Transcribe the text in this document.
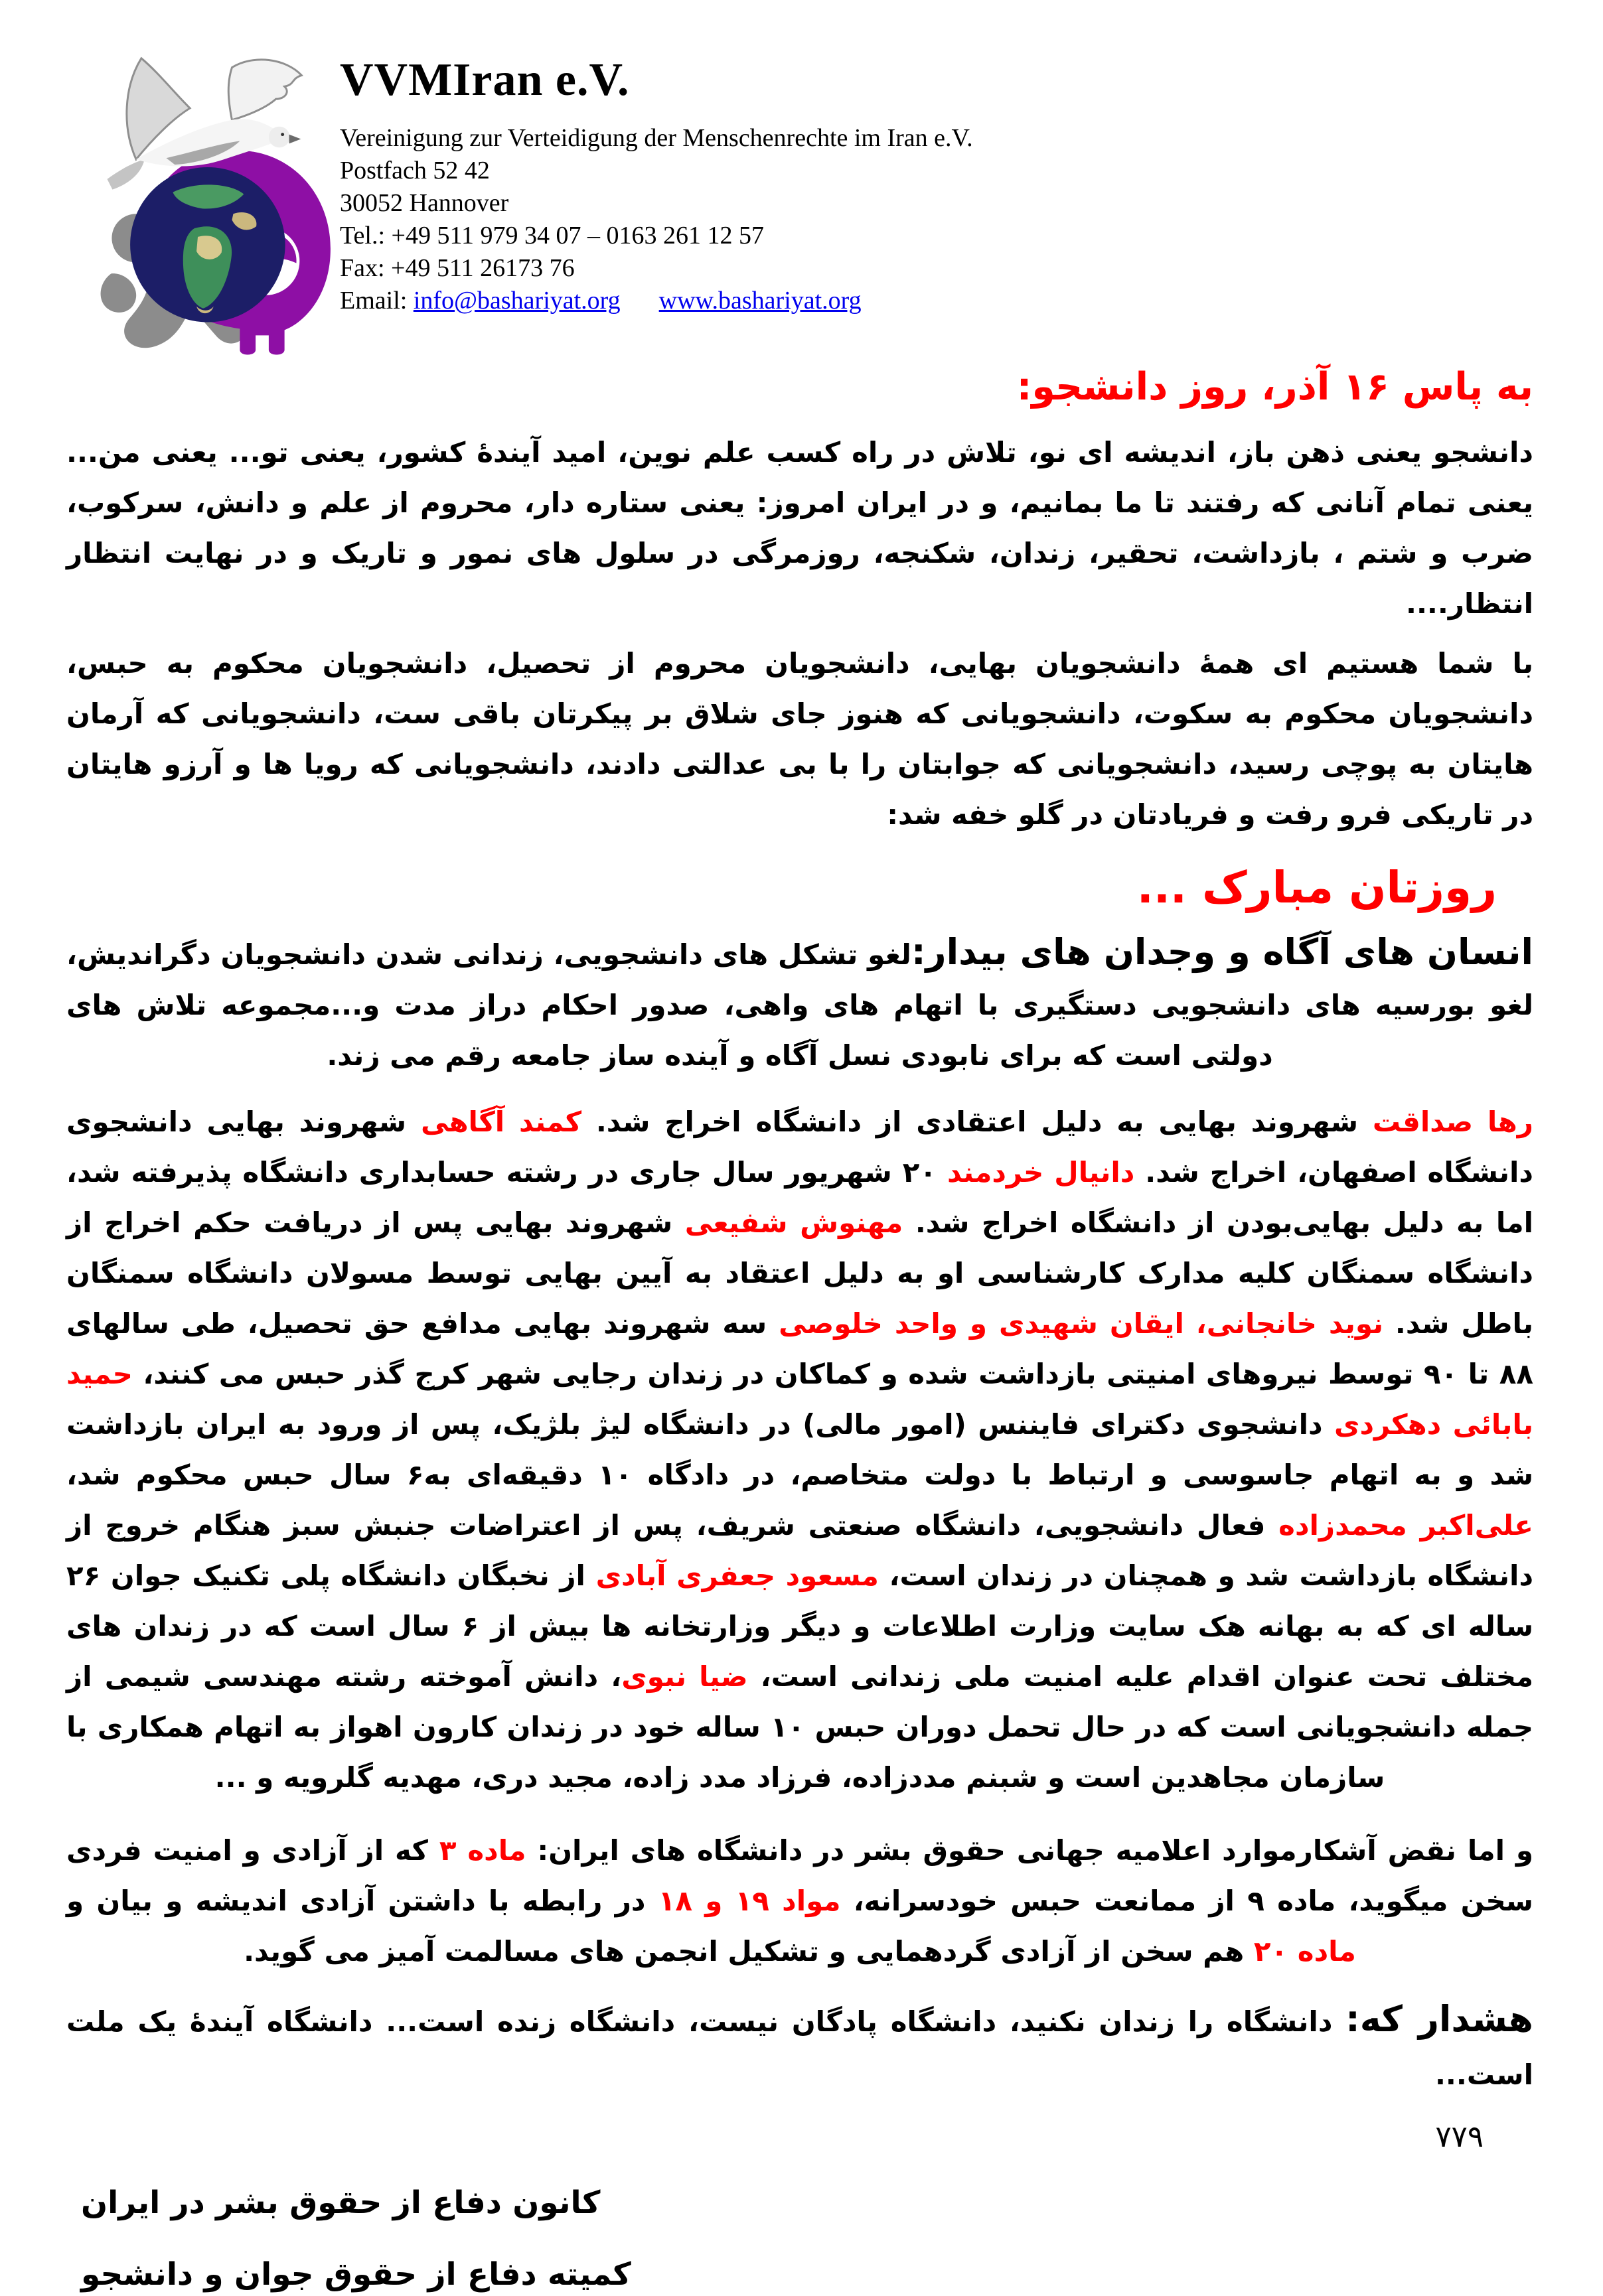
VVMIran e.V.
Vereinigung zur Verteidigung der Menschenrechte im Iran e.V.
Postfach 52 42
30052 Hannover
Tel.: +49 511 979 34 07 – 0163 261 12 57
Fax: +49 511 26173 76
Email: info@bashariyat.org www.bashariyat.org
به پاس ۱۶ آذر، روز دانشجو:
دانشجو یعنی ذهن باز، اندیشه ای نو، تلاش در راه کسب علم نوین، امید آیندهٔ کشور، یعنی تو... یعنی من... یعنی تمام آنانی که رفتند تا ما بمانیم، و در ایران امروز: یعنی ستاره دار، محروم از علم و دانش، سرکوب، ضرب و شتم ، بازداشت، تحقیر، زندان، شکنجه، روزمرگی در سلول های نمور و تاریک و در نهایت انتظار انتظار....
با شما هستیم ای همهٔ دانشجویان بهایی، دانشجویان محروم از تحصیل، دانشجویان محکوم به حبس، دانشجویان محکوم به سکوت، دانشجویانی که هنوز جای شلاق بر پیکرتان باقی ست، دانشجویانی که آرمان هایتان به پوچی رسید، دانشجویانی که جوابتان را با بی عدالتی دادند، دانشجویانی که رویا ها و آرزو هایتان در تاریکی فرو رفت و فریادتان در گلو خفه شد:
روزتان مبارک ...
انسان های آگاه و وجدان های بیدار:لغو تشکل های دانشجویی، زندانی شدن دانشجویان دگراندیش، لغو بورسیه های دانشجویی دستگیری با اتهام های واهی، صدور احکام دراز مدت و...مجموعه تلاش های دولتی است که برای نابودی نسل آگاه و آینده ساز جامعه رقم می زند.
رها صداقت شهروند بهایی به دلیل اعتقادی از دانشگاه اخراج شد. کمند آگاهی شهروند بهایی دانشجوی دانشگاه اصفهان، اخراج شد. دانیال خردمند ۲۰ شهریور سال جاری در رشته حسابداری دانشگاه پذیرفته شد، اما به دلیل بهایی‌بودن از دانشگاه اخراج شد. مهنوش شفیعی شهروند بهایی پس از دریافت حکم اخراج از دانشگاه سمنگان کلیه مدارک کارشناسی او به دلیل اعتقاد به آیین بهایی توسط مسولان دانشگاه سمنگان باطل شد. نوید خانجانی، ایقان شهیدی و واحد خلوصی سه شهروند بهایی مدافع حق تحصیل، طی سالهای ۸۸ تا ۹۰ توسط نیروهای امنیتی بازداشت شده و کماکان در زندان رجایی شهر کرج گذر حبس می کنند، حمید بابائی دهکردی دانشجوی دکترای فایننس (امور مالی) در دانشگاه لیژ بلژیک، پس از ورود به ایران بازداشت شد و به اتهام جاسوسی و ارتباط با دولت متخاصم، در دادگاه ۱۰ دقیقه‌ای به۶ سال حبس محکوم شد، علی‌اکبر محمدزاده فعال دانشجویی، دانشگاه صنعتی شریف، پس از اعتراضات جنبش سبز هنگام خروج از دانشگاه بازداشت شد و همچنان در زندان است، مسعود جعفری آبادی از نخبگان دانشگاه پلی تکنیک جوان ۲۶ ساله ای که به بهانه هک سایت وزارت اطلاعات و دیگر وزارتخانه ها بیش از ۶ سال است که در زندان های مختلف تحت عنوان اقدام علیه امنیت ملی زندانی است، ضیا نبوی، دانش آموخته رشته مهندسی شیمی از جمله دانشجویانی است که در حال تحمل دوران حبس ۱۰ ساله خود در زندان کارون اهواز به اتهام همکاری با سازمان مجاهدین است و شبنم مددزاده، فرزاد مدد زاده، مجید دری، مهدیه گلرویه و ...
و اما نقض آشکارموارد اعلامیه جهانی حقوق بشر در دانشگاه های ایران: ماده ۳ که از آزادی و امنیت فردی سخن میگوید، ماده ۹ از ممانعت حبس خودسرانه، مواد ۱۹ و ۱۸ در رابطه با داشتن آزادی اندیشه و بیان و ماده ۲۰ هم سخن از آزادی گردهمایی و تشکیل انجمن های مسالمت آمیز می گوید.
هشدار که: دانشگاه را زندان نکنید، دانشگاه پادگان نیست، دانشگاه زنده است... دانشگاه آیندهٔ یک ملت است...
۷۷۹
کانون دفاع از حقوق بشر در ایران
کمیته دفاع از حقوق جوان و دانشجو
